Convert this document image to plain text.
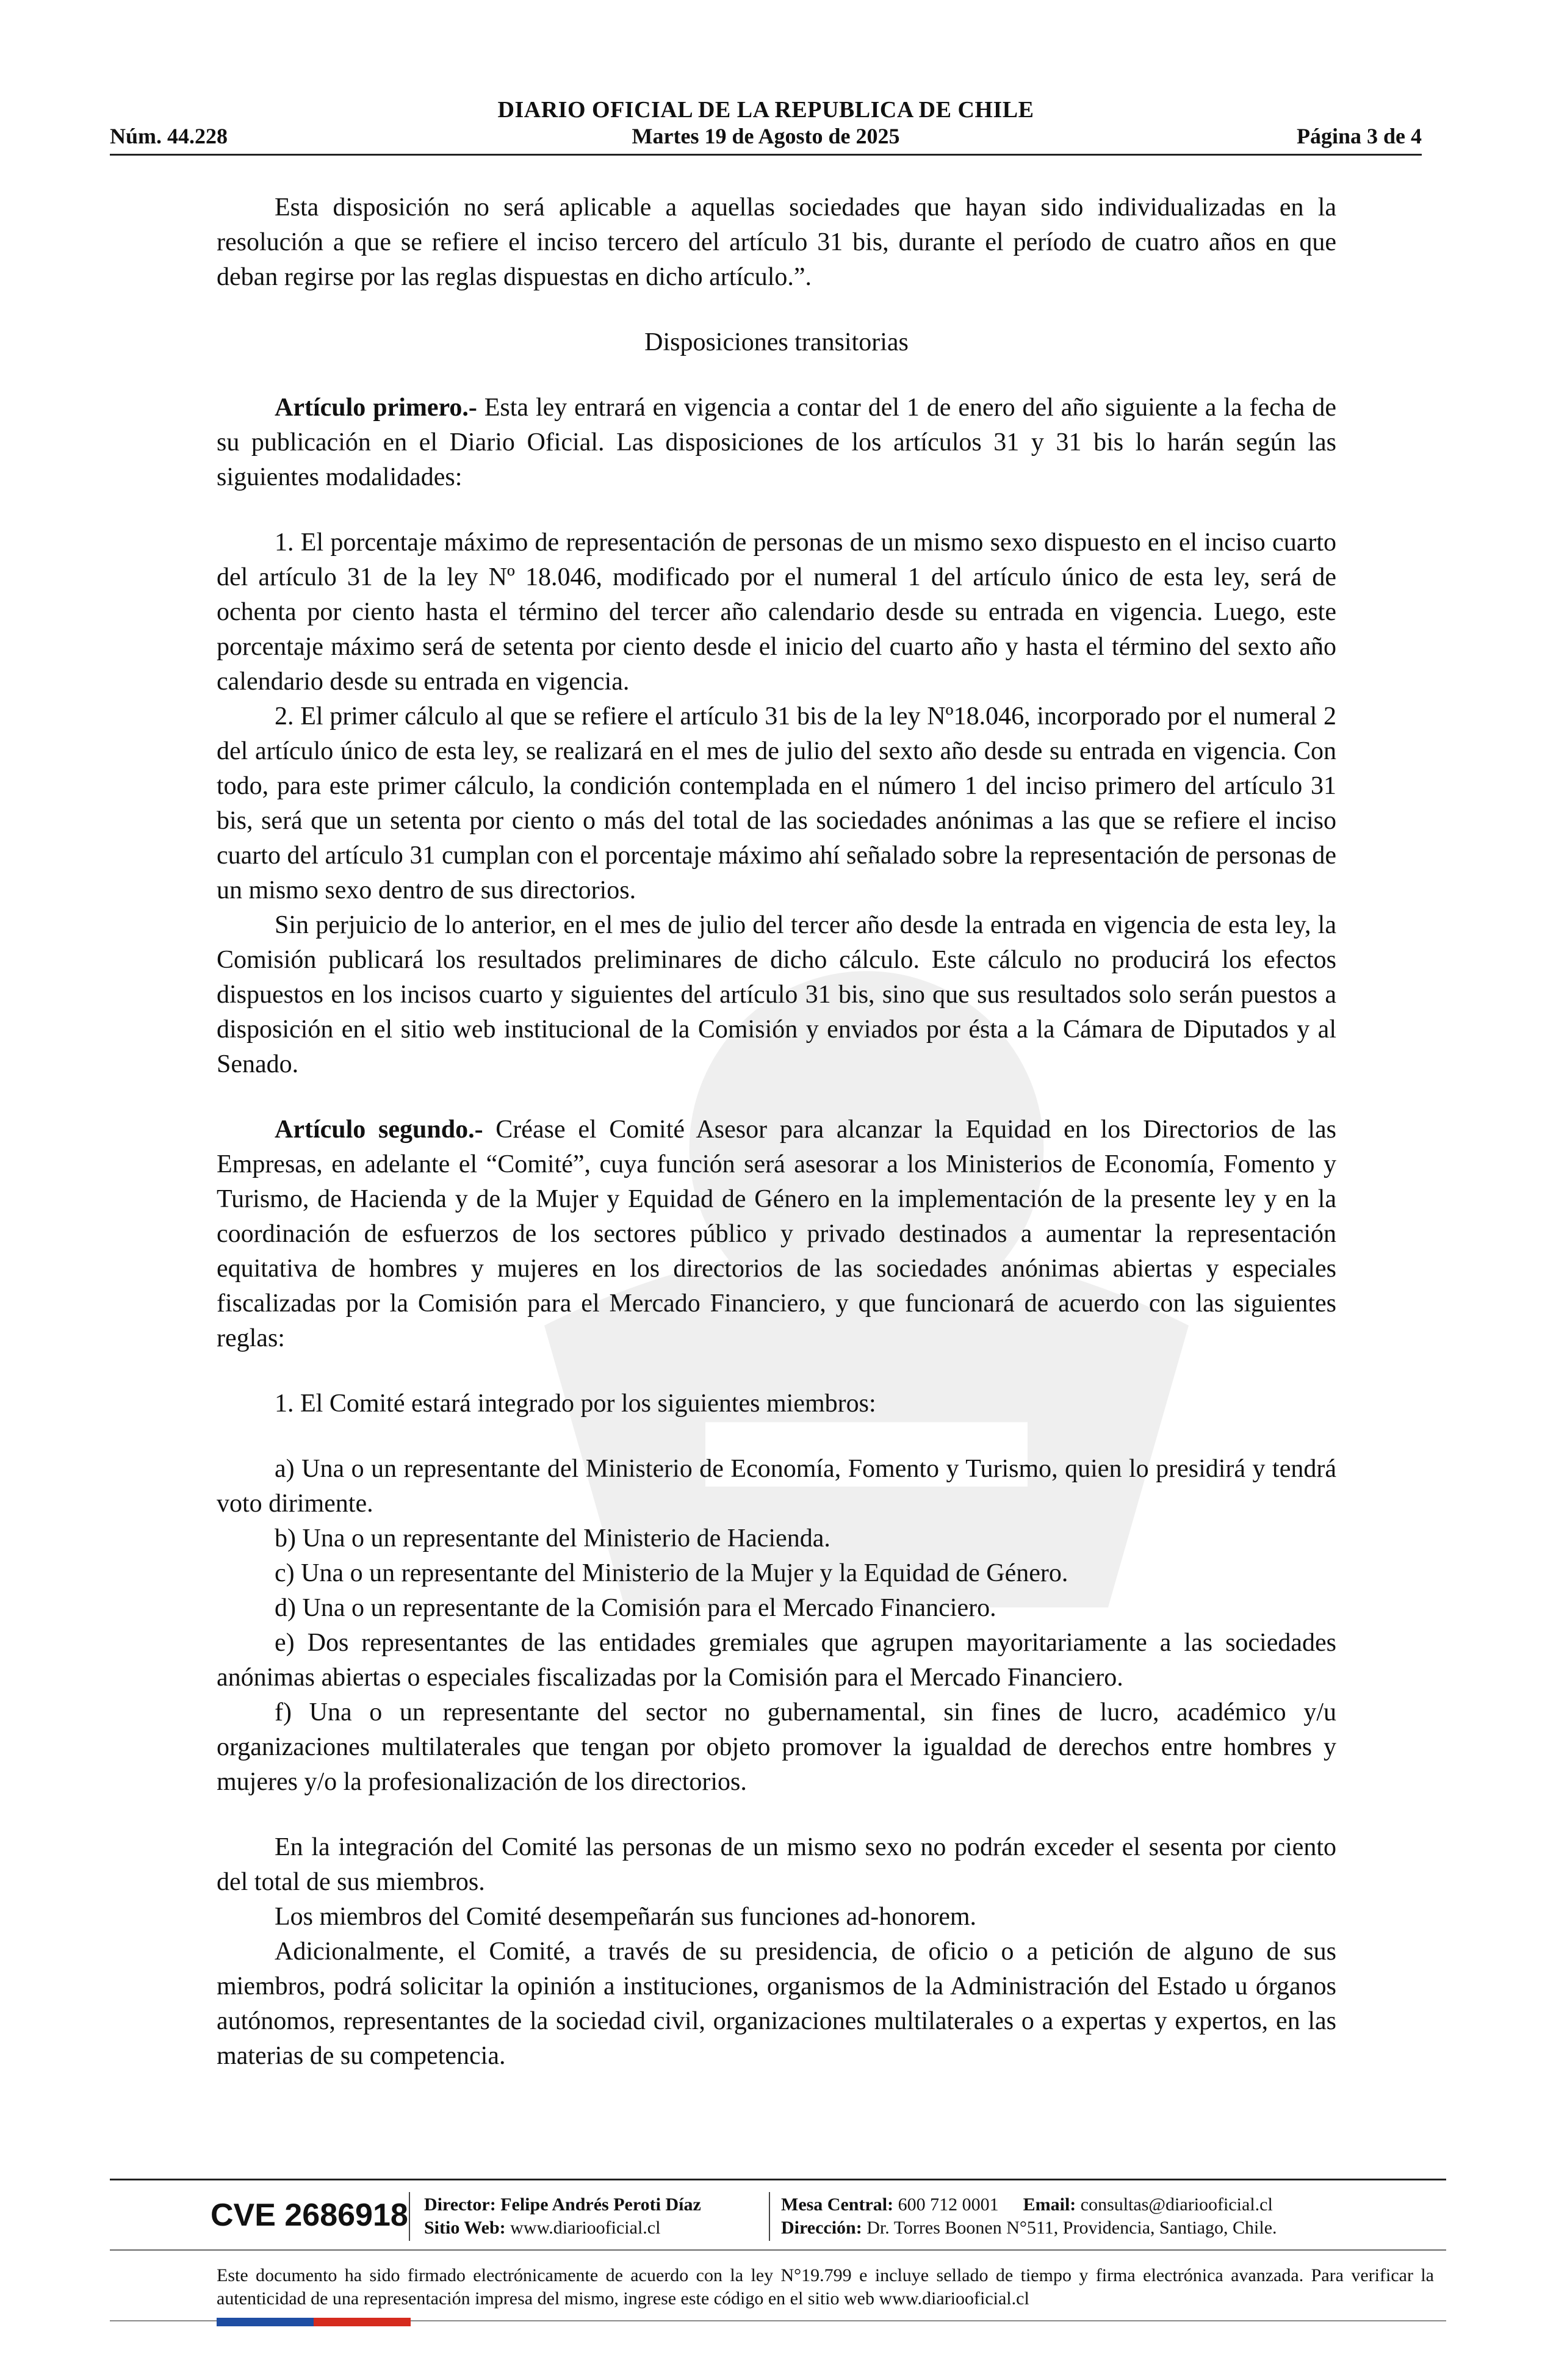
DIARIO OFICIAL DE LA REPUBLICA DE CHILE
Núm. 44.228	Martes 19 de Agosto de 2025	Página 3 de 4

Esta disposición no será aplicable a aquellas sociedades que hayan sido individualizadas en la resolución a que se refiere el inciso tercero del artículo 31 bis, durante el período de cuatro años en que deban regirse por las reglas dispuestas en dicho artículo.”.

Disposiciones transitorias

Artículo primero.- Esta ley entrará en vigencia a contar del 1 de enero del año siguiente a la fecha de su publicación en el Diario Oficial. Las disposiciones de los artículos 31 y 31 bis lo harán según las siguientes modalidades:

1. El porcentaje máximo de representación de personas de un mismo sexo dispuesto en el inciso cuarto del artículo 31 de la ley Nº 18.046, modificado por el numeral 1 del artículo único de esta ley, será de ochenta por ciento hasta el término del tercer año calendario desde su entrada en vigencia. Luego, este porcentaje máximo será de setenta por ciento desde el inicio del cuarto año y hasta el término del sexto año calendario desde su entrada en vigencia.

2. El primer cálculo al que se refiere el artículo 31 bis de la ley Nº18.046, incorporado por el numeral 2 del artículo único de esta ley, se realizará en el mes de julio del sexto año desde su entrada en vigencia. Con todo, para este primer cálculo, la condición contemplada en el número 1 del inciso primero del artículo 31 bis, será que un setenta por ciento o más del total de las sociedades anónimas a las que se refiere el inciso cuarto del artículo 31 cumplan con el porcentaje máximo ahí señalado sobre la representación de personas de un mismo sexo dentro de sus directorios.

Sin perjuicio de lo anterior, en el mes de julio del tercer año desde la entrada en vigencia de esta ley, la Comisión publicará los resultados preliminares de dicho cálculo. Este cálculo no producirá los efectos dispuestos en los incisos cuarto y siguientes del artículo 31 bis, sino que sus resultados solo serán puestos a disposición en el sitio web institucional de la Comisión y enviados por ésta a la Cámara de Diputados y al Senado.

Artículo segundo.- Créase el Comité Asesor para alcanzar la Equidad en los Directorios de las Empresas, en adelante el “Comité”, cuya función será asesorar a los Ministerios de Economía, Fomento y Turismo, de Hacienda y de la Mujer y Equidad de Género en la implementación de la presente ley y en la coordinación de esfuerzos de los sectores público y privado destinados a aumentar la representación equitativa de hombres y mujeres en los directorios de las sociedades anónimas abiertas y especiales fiscalizadas por la Comisión para el Mercado Financiero, y que funcionará de acuerdo con las siguientes reglas:

1. El Comité estará integrado por los siguientes miembros:

a) Una o un representante del Ministerio de Economía, Fomento y Turismo, quien lo presidirá y tendrá voto dirimente.

b) Una o un representante del Ministerio de Hacienda.

c) Una o un representante del Ministerio de la Mujer y la Equidad de Género.

d) Una o un representante de la Comisión para el Mercado Financiero.

e) Dos representantes de las entidades gremiales que agrupen mayoritariamente a las sociedades anónimas abiertas o especiales fiscalizadas por la Comisión para el Mercado Financiero.

f) Una o un representante del sector no gubernamental, sin fines de lucro, académico y/u organizaciones multilaterales que tengan por objeto promover la igualdad de derechos entre hombres y mujeres y/o la profesionalización de los directorios.

En la integración del Comité las personas de un mismo sexo no podrán exceder el sesenta por ciento del total de sus miembros.

Los miembros del Comité desempeñarán sus funciones ad-honorem.

Adicionalmente, el Comité, a través de su presidencia, de oficio o a petición de alguno de sus miembros, podrá solicitar la opinión a instituciones, organismos de la Administración del Estado u órganos autónomos, representantes de la sociedad civil, organizaciones multilaterales o a expertas y expertos, en las materias de su competencia.

CVE 2686918 Director: Felipe Andrés Peroti Díaz
Sitio Web: www.diariooficial.cl
Mesa Central: 600 712 0001 Email: consultas@diariooficial.cl
Dirección: Dr. Torres Boonen N°511, Providencia, Santiago, Chile.
Este documento ha sido firmado electrónicamente de acuerdo con la ley N°19.799 e incluye sellado de tiempo y firma electrónica avanzada. Para verificar la autenticidad de una representación impresa del mismo, ingrese este código en el sitio web www.diariooficial.cl
